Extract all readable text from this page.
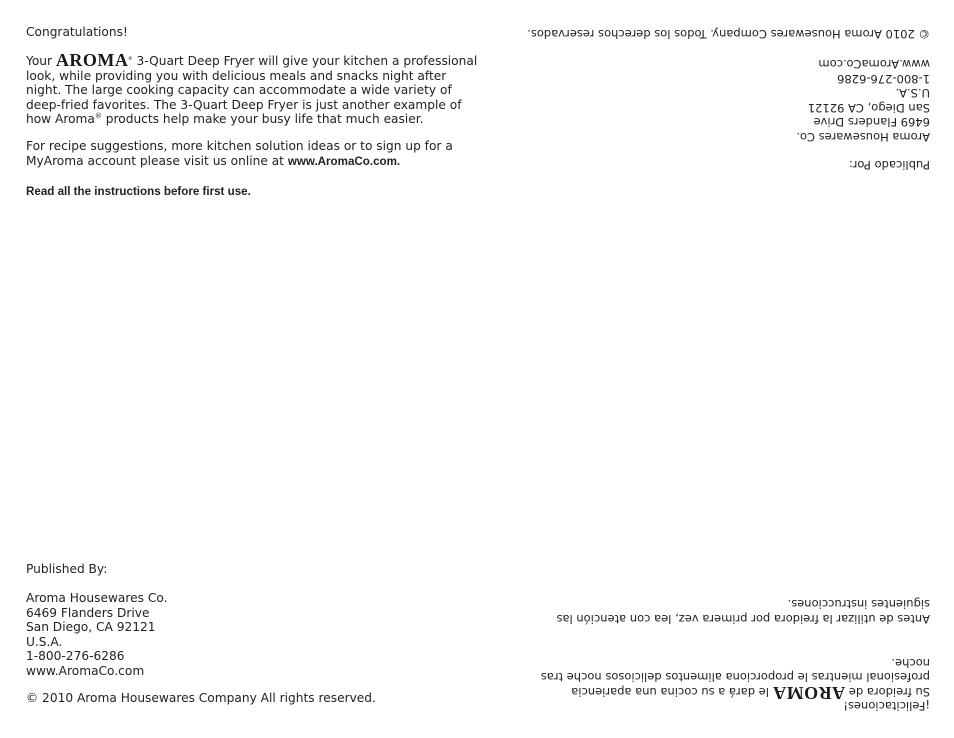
Congratulations!
Your AROMA® 3-Quart Deep Fryer will give your kitchen a professional
look, while providing you with delicious meals and snacks night after
night. The large cooking capacity can accommodate a wide variety of
deep-fried favorites. The 3-Quart Deep Fryer is just another example of
how Aroma® products help make your busy life that much easier.
For recipe suggestions, more kitchen solution ideas or to sign up for a
MyAroma account please visit us online at www.AromaCo.com.
Read all the instructions before first use.
Published By:
Aroma Housewares Co.
6469 Flanders Drive
San Diego, CA 92121
U.S.A.
1-800-276-6286
www.AromaCo.com
© 2010 Aroma Housewares Company All rights reserved.
© 2010 Aroma Housewares Company. Todos los derechos reservados.
Aroma Housewares Co.
6469 Flanders Drive
San Diego, CA 92121
U.S.A.
1-800-276-6286
www.AromaCo.com
Publicado Por:
Antes de utilizar la freidora por primera vez, lea con atención las
siguientes instrucciones.
Su freidora de AROMA le dará a su cocina una apariencia
profesional mientras le proporciona alimentos deliciosos noche tras
noche.
¡Felicitaciones!
